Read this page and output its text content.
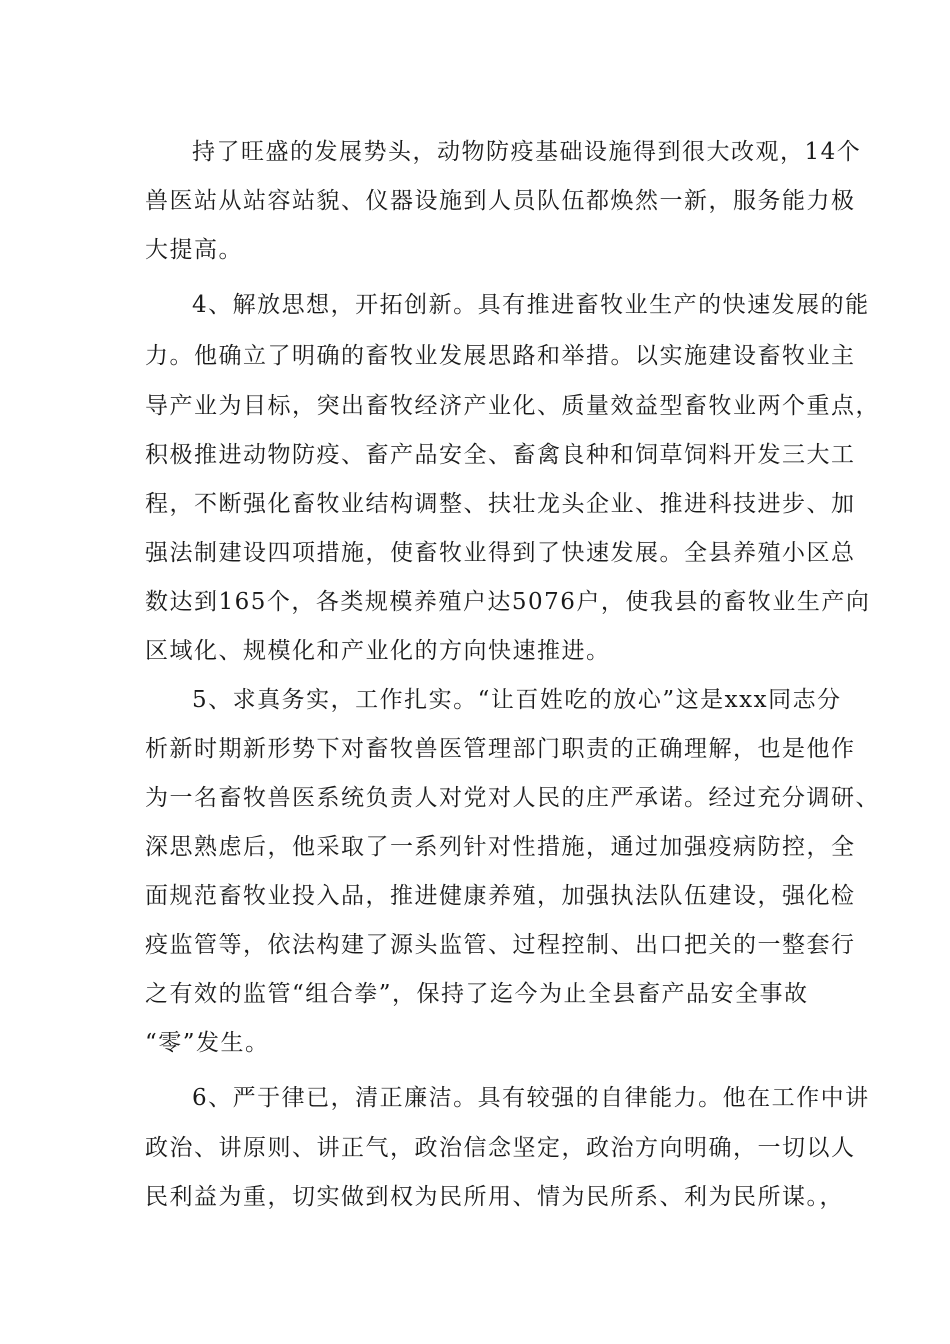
持了旺盛的发展势头，动物防疫基础设施得到很大改观，14个
兽医站从站容站貌、仪器设施到人员队伍都焕然一新，服务能力极
大提高。
4、解放思想，开拓创新。具有推进畜牧业生产的快速发展的能
力。他确立了明确的畜牧业发展思路和举措。以实施建设畜牧业主
导产业为目标，突出畜牧经济产业化、质量效益型畜牧业两个重点，
积极推进动物防疫、畜产品安全、畜禽良种和饲草饲料开发三大工
程，不断强化畜牧业结构调整、扶壮龙头企业、推进科技进步、加
强法制建设四项措施，使畜牧业得到了快速发展。全县养殖小区总
数达到165个，各类规模养殖户达5076户，使我县的畜牧业生产向
区域化、规模化和产业化的方向快速推进。
5、求真务实，工作扎实。“让百姓吃的放心”这是xxx同志分
析新时期新形势下对畜牧兽医管理部门职责的正确理解，也是他作
为一名畜牧兽医系统负责人对党对人民的庄严承诺。经过充分调研、
深思熟虑后，他采取了一系列针对性措施，通过加强疫病防控，全
面规范畜牧业投入品，推进健康养殖，加强执法队伍建设，强化检
疫监管等，依法构建了源头监管、过程控制、出口把关的一整套行
之有效的监管“组合拳”，保持了迄今为止全县畜产品安全事故
“零”发生。
6、严于律已，清正廉洁。具有较强的自律能力。他在工作中讲
政治、讲原则、讲正气，政治信念坚定，政治方向明确，一切以人
民利益为重，切实做到权为民所用、情为民所系、利为民所谋。，
